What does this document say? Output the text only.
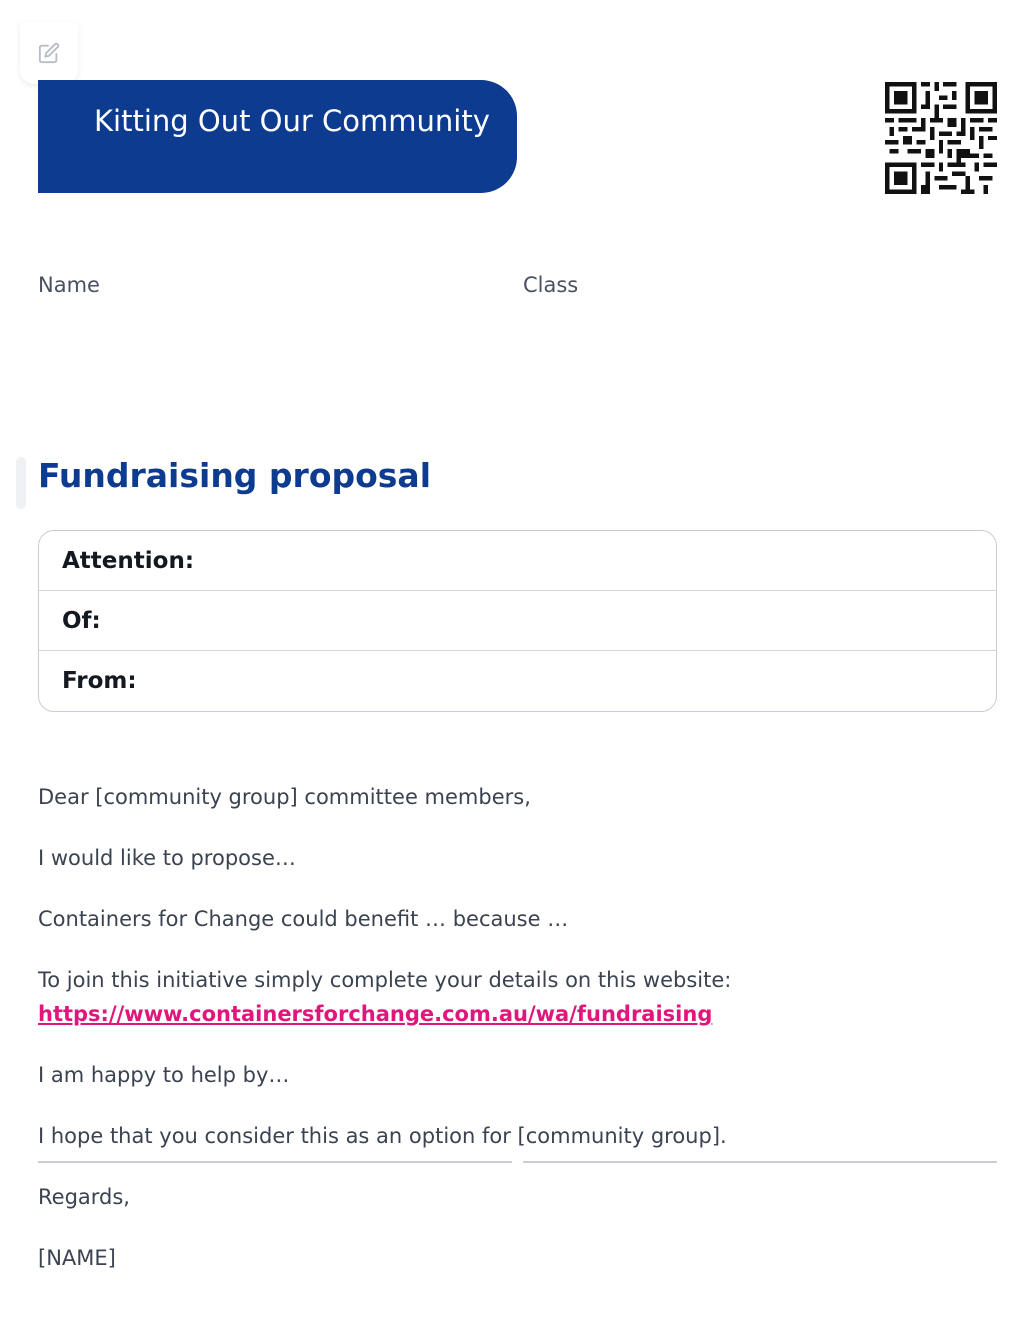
Kitting Out Our Community
Name	Class
Fundraising proposal
Attention:
Of:
From:

Dear [community group] committee members,

I would like to propose…

Containers for Change could benefit … because …

To join this initiative simply complete your details on this website:
https://www.containersforchange.com.au/wa/fundraising

I am happy to help by…

I hope that you consider this as an option for [community group].

Regards,

[NAME]
